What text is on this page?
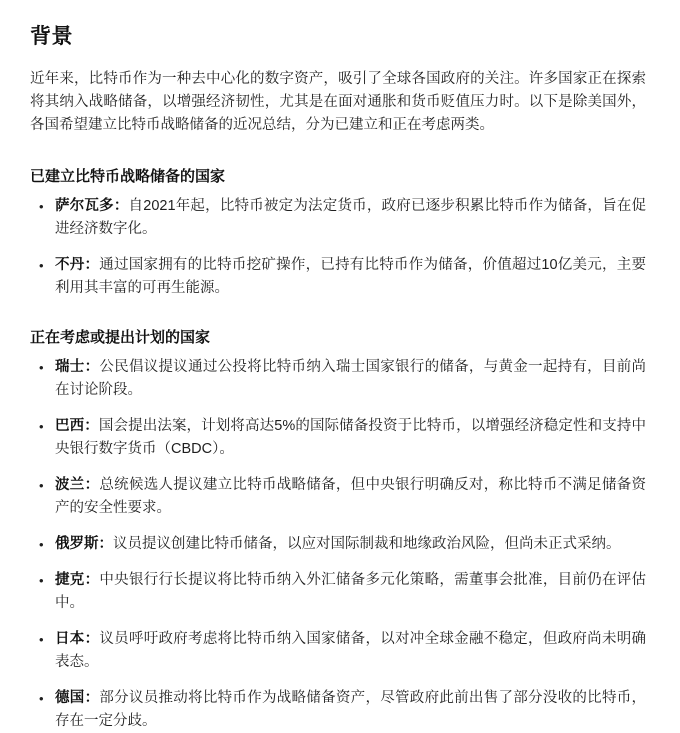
背景

近年来，比特币作为一种去中心化的数字资产，吸引了全球各国政府的关注。许多国家正在探索将其纳入战略储备，以增强经济韧性，尤其是在面对通胀和货币贬值压力时。以下是除美国外，各国希望建立比特币战略储备的近况总结，分为已建立和正在考虑两类。

已建立比特币战略储备的国家
• 萨尔瓦多：自2021年起，比特币被定为法定货币，政府已逐步积累比特币作为储备，旨在促进经济数字化。
• 不丹：通过国家拥有的比特币挖矿操作，已持有比特币作为储备，价值超过10亿美元，主要利用其丰富的可再生能源。
正在考虑或提出计划的国家
• 瑞士：公民倡议提议通过公投将比特币纳入瑞士国家银行的储备，与黄金一起持有，目前尚在讨论阶段。
• 巴西：国会提出法案，计划将高达5%的国际储备投资于比特币，以增强经济稳定性和支持中央银行数字货币（CBDC）。
• 波兰：总统候选人提议建立比特币战略储备，但中央银行明确反对，称比特币不满足储备资产的安全性要求。
• 俄罗斯：议员提议创建比特币储备，以应对国际制裁和地缘政治风险，但尚未正式采纳。
• 捷克：中央银行行长提议将比特币纳入外汇储备多元化策略，需董事会批准，目前仍在评估中。
• 日本：议员呼吁政府考虑将比特币纳入国家储备，以对冲全球金融不稳定，但政府尚未明确表态。
• 德国：部分议员推动将比特币作为战略储备资产，尽管政府此前出售了部分没收的比特币，存在一定分歧。
